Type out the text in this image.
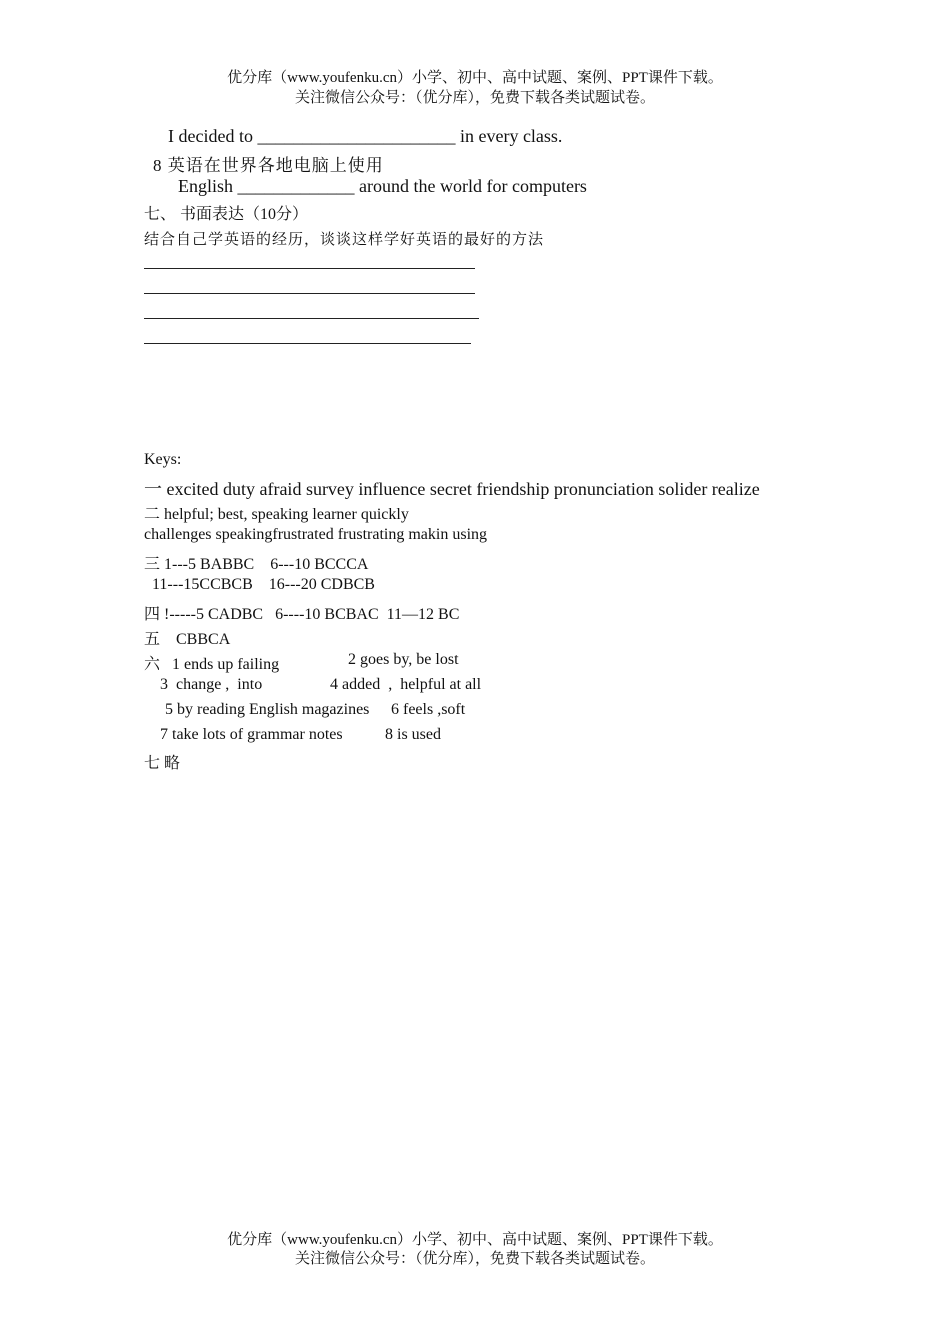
优分库（www.youfenku.cn）小学、初中、高中试题、案例、PPT课件下载。
关注微信公众号：（优分库），免费下载各类试题试卷。
I decided to ______________________ in every class.
8 英语在世界各地电脑上使用
English _____________ around the world for computers
七、 书面表达（10分）
结合自己学英语的经历，谈谈这样学好英语的最好的方法
Keys:
一 excited duty afraid survey influence secret friendship pronunciation solider realize
二 helpful; best, speaking learner quickly
challenges speakingfrustrated frustrating makin using
三 1---5 BABBC    6---10 BCCCA
11---15CCBCB    16---20 CDBCB
四 !-----5 CADBC   6----10 BCBAC  11—12 BC
五    CBBCA
六   1 ends up failing	2 goes by, be lost
3  change ,  into	4 added  ,  helpful at all
5 by reading English magazines 6 feels ,soft
7 take lots of grammar notes	8 is used
七 略
优分库（www.youfenku.cn）小学、初中、高中试题、案例、PPT课件下载。
关注微信公众号：（优分库），免费下载各类试题试卷。
